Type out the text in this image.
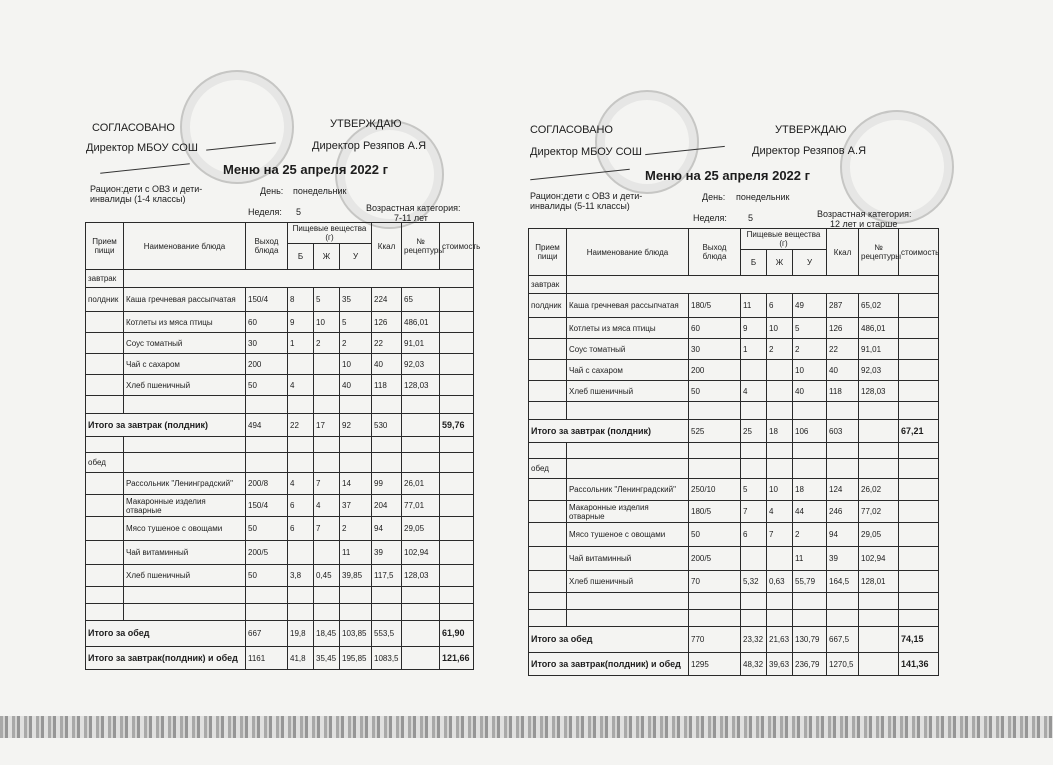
СОГЛАСОВАНО	УТВЕРЖДАЮ
Директор МБОУ СОШ	Директор Резяпов А.Я
Меню на 25 апреля 2022 г
Рацион:дети с ОВЗ и дети-инвалиды (1-4 классы)
День: понедельник
Неделя: 5	Возрастная категория:
7-11 лет
Прием пищи	Наименование блюда	Выход блюда	Пищевые вещества (г)			Ккал	№ рецептуры	стоимость
			Б	Ж	У			
завтрак								
полдник	Каша гречневая рассыпчатая	150/4	8	5	35	224	65	
	Котлеты из мяса птицы	60	9	10	5	126	486,01	
	Соус томатный	30	1	2	2	22	91,01	
	Чай с сахаром	200			10	40	92,03	
	Хлеб пшеничный	50	4		40	118	128,03	

Итого за завтрак (полдник)		494	22	17	92	530		59,76

обед								
	Рассольник "Ленинградский"	200/8	4	7	14	99	26,01	
	Макаронные изделия отварные	150/4	6	4	37	204	77,01	
	Мясо тушеное с овощами	50	6	7	2	94	29,05	
	Чай витаминный	200/5			11	39	102,94	
	Хлеб пшеничный	50	3,8	0,45	39,85	117,5	128,03	

Итого за обед		667	19,8	18,45	103,85	553,5		61,90
Итого за завтрак(полдник) и обед		1161	41,8	35,45	195,85	1083,5		121,66
СОГЛАСОВАНО	УТВЕРЖДАЮ
Директор МБОУ СОШ	Директор Резяпов А.Я
Меню на 25 апреля 2022 г
Рацион:дети с ОВЗ и дети-инвалиды (5-11 классы)
День: понедельник
Неделя: 5	Возрастная категория:
12 лет и старше
Прием пищи	Наименование блюда	Выход блюда	Пищевые вещества (г)			Ккал	№ рецептуры	стоимость
			Б	Ж	У			
завтрак								
полдник	Каша гречневая рассыпчатая	180/5	11	6	49	287	65,02	
	Котлеты из мяса птицы	60	9	10	5	126	486,01	
	Соус томатный	30	1	2	2	22	91,01	
	Чай с сахаром	200			10	40	92,03	
	Хлеб пшеничный	50	4		40	118	128,03	

Итого за завтрак (полдник)		525	25	18	106	603		67,21

обед								
	Рассольник "Ленинградский"	250/10	5	10	18	124	26,02	
	Макаронные изделия отварные	180/5	7	4	44	246	77,02	
	Мясо тушеное с овощами	50	6	7	2	94	29,05	
	Чай витаминный	200/5			11	39	102,94	
	Хлеб пшеничный	70	5,32	0,63	55,79	164,5	128,01	

Итого за обед		770	23,32	21,63	130,79	667,5		74,15
Итого за завтрак(полдник) и обед		1295	48,32	39,63	236,79	1270,5		141,36
